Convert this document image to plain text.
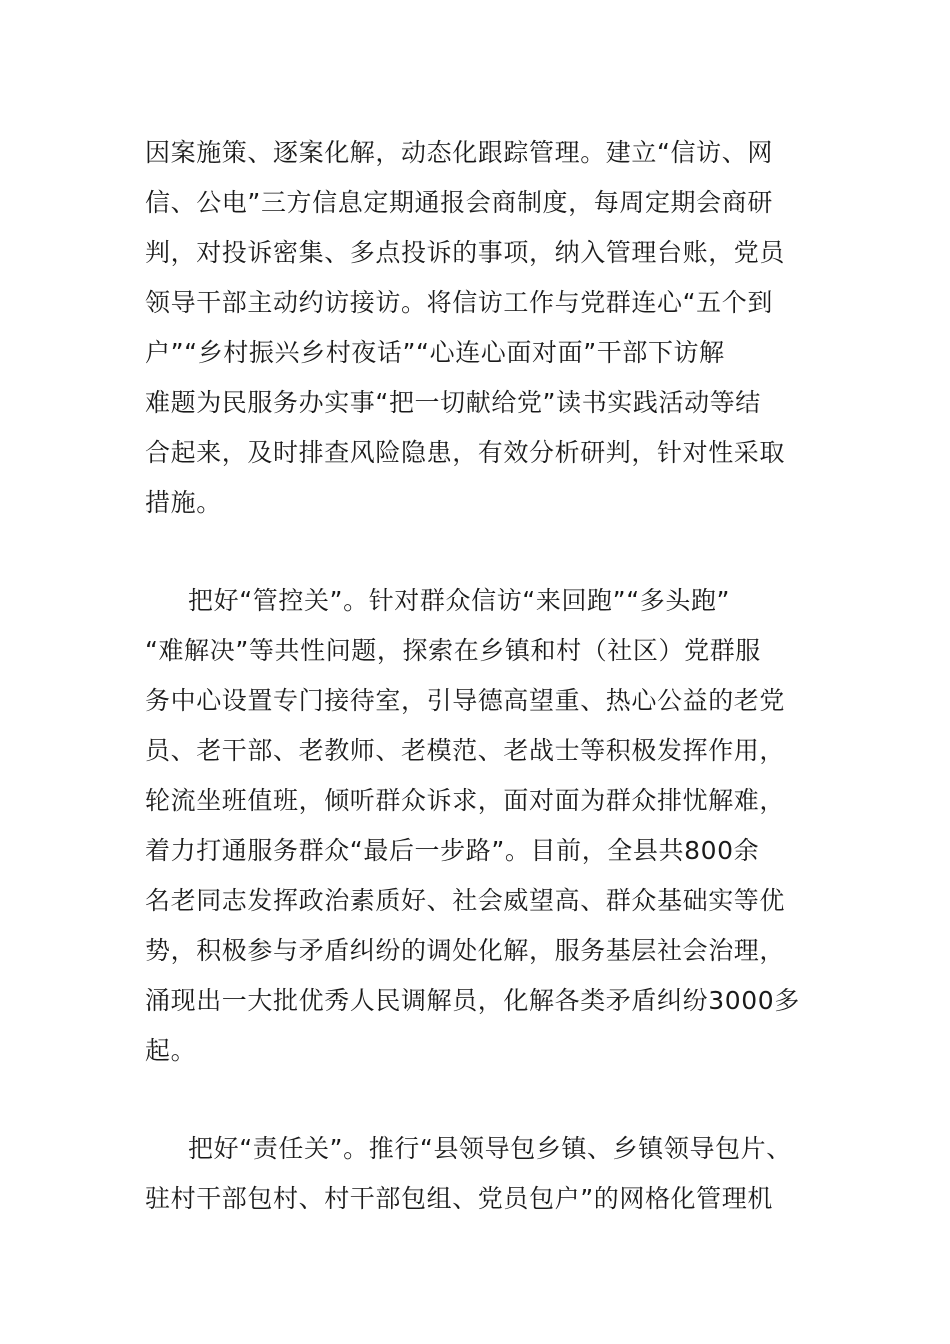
因案施策、逐案化解，动态化跟踪管理。建立“信访、网
信、公电”三方信息定期通报会商制度，每周定期会商研
判，对投诉密集、多点投诉的事项，纳入管理台账，党员
领导干部主动约访接访。将信访工作与党群连心“五个到
户”“乡村振兴乡村夜话”“心连心面对面”干部下访解
难题为民服务办实事“把一切献给党”读书实践活动等结
合起来，及时排查风险隐患，有效分析研判，针对性采取
措施。
把好“管控关”。针对群众信访“来回跑”“多头跑”
“难解决”等共性问题，探索在乡镇和村（社区）党群服
务中心设置专门接待室，引导德高望重、热心公益的老党
员、老干部、老教师、老模范、老战士等积极发挥作用，
轮流坐班值班，倾听群众诉求，面对面为群众排忧解难，
着力打通服务群众“最后一步路”。目前，全县共800余
名老同志发挥政治素质好、社会威望高、群众基础实等优
势，积极参与矛盾纠纷的调处化解，服务基层社会治理，
涌现出一大批优秀人民调解员，化解各类矛盾纠纷3000多
起。
把好“责任关”。推行“县领导包乡镇、乡镇领导包片、
驻村干部包村、村干部包组、党员包户”的网格化管理机
